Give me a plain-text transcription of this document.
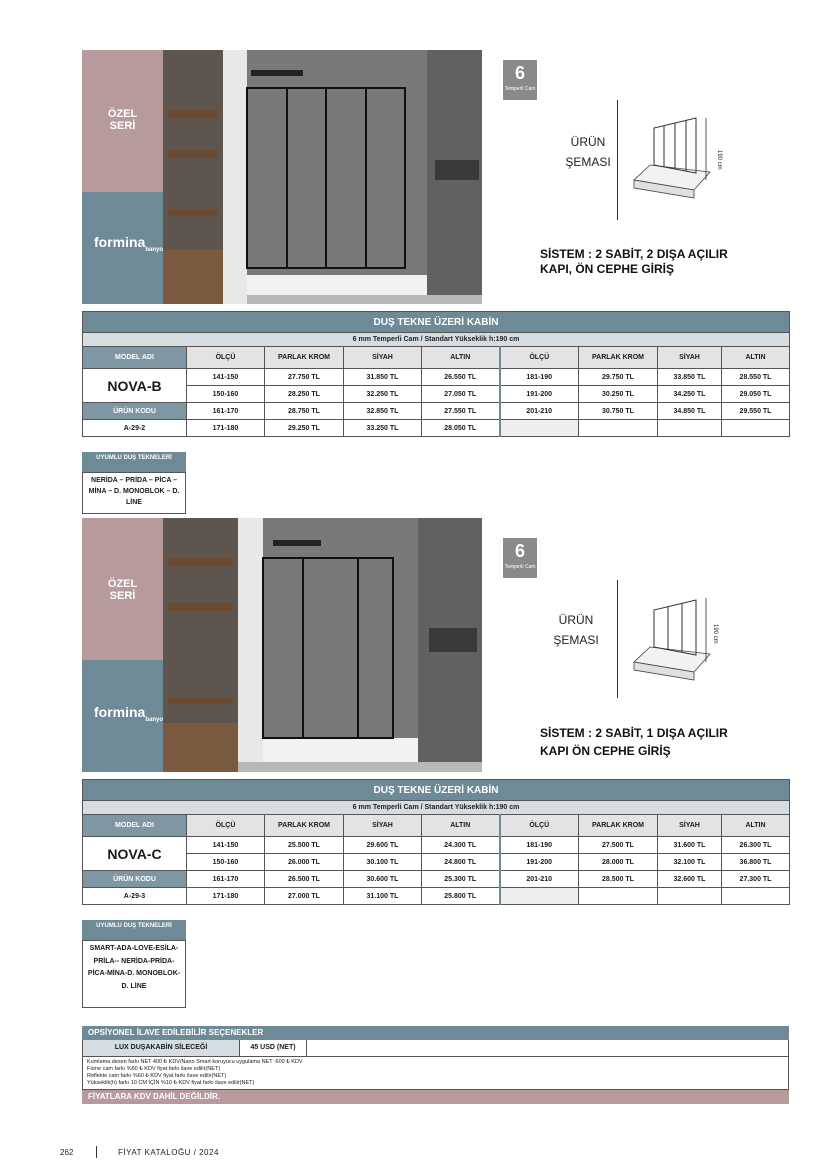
ÖZEL
SERİ
formina$_{banyo}$
6
Temperli Cam
ÜRÜN
ŞEMASI	190 cm
SİSTEM : 2 SABİT, 2 DIŞA AÇILIR
KAPI, ÖN CEPHE GİRİŞ
DUŞ TEKNE ÜZERİ KABİN								
6 mm Temperli Cam / Standart Yükseklik h:190 cm								
MODEL ADI	ÖLÇÜ	PARLAK KROM	SİYAH	ALTIN	ÖLÇÜ	PARLAK KROM	SİYAH	ALTIN
NOVA-B	141-150	27.750 TL	31.850 TL	26.550 TL	181-190	29.750 TL	33.850 TL	28.550 TL
	150-160	28.250 TL	32.250 TL	27.050 TL	191-200	30.250 TL	34.250 TL	29.050 TL
ÜRÜN KODU	161-170	28.750 TL	32.850 TL	27.550 TL	201-210	30.750 TL	34.850 TL	29.550 TL
A-29-2	171-180	29.250 TL	33.250 TL	28.050 TL				
UYUMLU DUŞ TEKNELERİ
NERİDA – PRİDA – PİCA – MİNA – D. MONOBLOK – D. LİNE
ÖZEL
SERİ
formina$_{banyo}$
6
Temperli Cam
ÜRÜN
ŞEMASI	190 cm
SİSTEM : 2 SABİT, 1 DIŞA AÇILIR
KAPI ÖN CEPHE GİRİŞ
DUŞ TEKNE ÜZERİ KABİN								
6 mm Temperli Cam / Standart Yükseklik h:190 cm								
MODEL ADI	ÖLÇÜ	PARLAK KROM	SİYAH	ALTIN	ÖLÇÜ	PARLAK KROM	SİYAH	ALTIN
NOVA-C	141-150	25.500 TL	29.600 TL	24.300 TL	181-190	27.500 TL	31.600 TL	26.300 TL
	150-160	26.000 TL	30.100 TL	24.800 TL	191-200	28.000 TL	32.100 TL	36.800 TL
ÜRÜN KODU	161-170	26.500 TL	30.600 TL	25.300 TL	201-210	28.500 TL	32.600 TL	27.300 TL
A-29-3	171-180	27.000 TL	31.100 TL	25.800 TL				
UYUMLU DUŞ TEKNELERİ
SMART-ADA-LOVE-ESİLA-PRİLA-- NERİDA-PRİDA-PİCA-MİNA-D. MONOBLOK-D. LİNE
OPSİYONEL İLAVE EDİLEBİLİR SEÇENEKLER
LUX DUŞAKABİN SİLECEĞİ	45 USD (NET)
Kumlama desen farkı NET 400 ₺ KDV/Nano Smart koruyucu uygulama NET :600 ₺ KDV
Füme cam farkı %50 ₺ KDV fiyat farkı ilave edilir(NET)
Reflekte cam farkı %60 ₺ KDV fiyat farkı ilave edilir(NET)
Yükseklik(h) farkı 10 CM İÇİN %10 ₺ KDV fiyat farkı ilave edilir(NET)
FİYATLARA KDV DAHİL DEĞİLDİR.
262	FİYAT KATALOĞU / 2024
